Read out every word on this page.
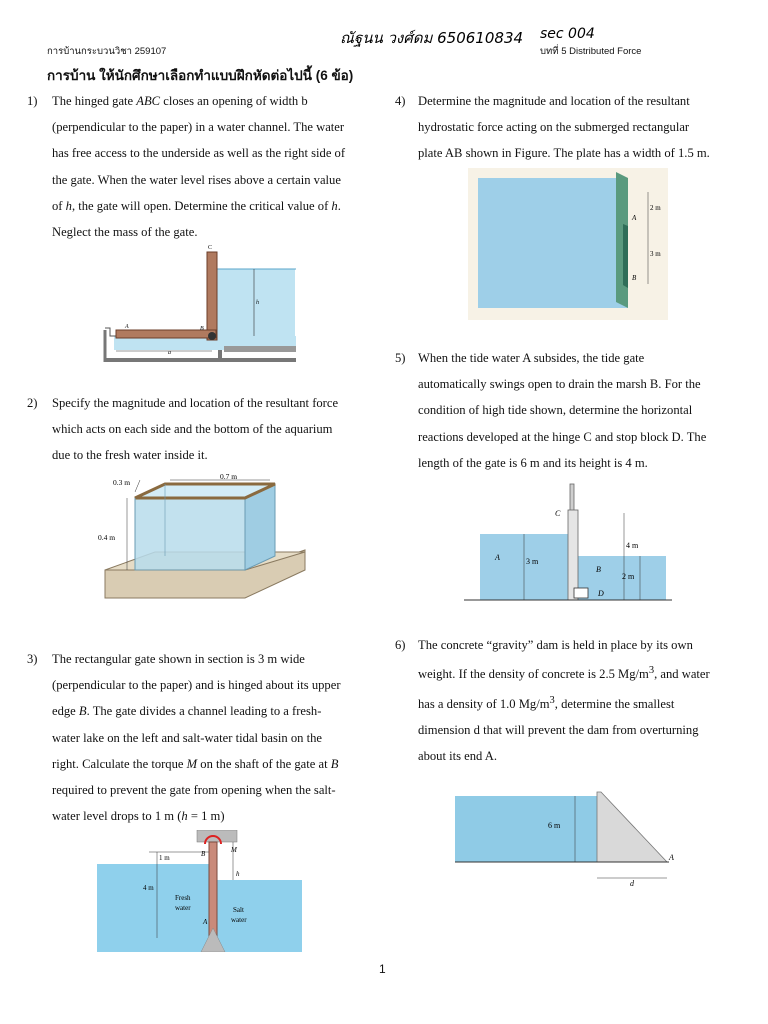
ณัฐนน วงศ์ดม 650610834 sec 004
การบ้านกระบวนวิชา 259107	บทที่ 5 Distributed Force
การบ้าน ให้นักศึกษาเลือกทำแบบฝึกหัดต่อไปนี้ (6 ข้อ)
1)
2)
3)
4)
5)
6)

The hinged gate ABC closes an opening of width b
(perpendicular to the paper) in a water channel. The water
has free access to the underside as well as the right side of
the gate. When the water level rises above a certain value
of h, the gate will open. Determine the critical value of h.
Neglect the mass of the gate.

Specify the magnitude and location of the resultant force
which acts on each side and the bottom of the aquarium
due to the fresh water inside it.

The rectangular gate shown in section is 3 m wide
(perpendicular to the paper) and is hinged about its upper
edge B. The gate divides a channel leading to a fresh-
water lake on the left and salt-water tidal basin on the
right. Calculate the torque M on the shaft of the gate at B
required to prevent the gate from opening when the salt-
water level drops to 1 m (h = 1 m)

Determine the magnitude and location of the resultant
hydrostatic force acting on the submerged rectangular
plate AB shown in Figure. The plate has a width of 1.5 m.

When the tide water A subsides, the tide gate
automatically swings open to drain the marsh B. For the
condition of high tide shown, determine the horizontal
reactions developed at the hinge C and stop block D. The
length of the gate is 6 m and its height is 4 m.

The concrete “gravity” dam is held in place by its own
weight. If the density of concrete is 2.5 $Mg/m^3$, and water
has a density of 1.0 $Mg/m^3$, determine the smallest
dimension d that will prevent the dam from overturning
about its end A.

C
A	B
h
a
0.3 m
0.7 m
0.4 m
B	M
1 m
4 m
h
Fresh
water	Salt
water
A
2 m
3 m
A
B
C
A	3 m
4 m
B
2 m
D
6 m
A
d
1
